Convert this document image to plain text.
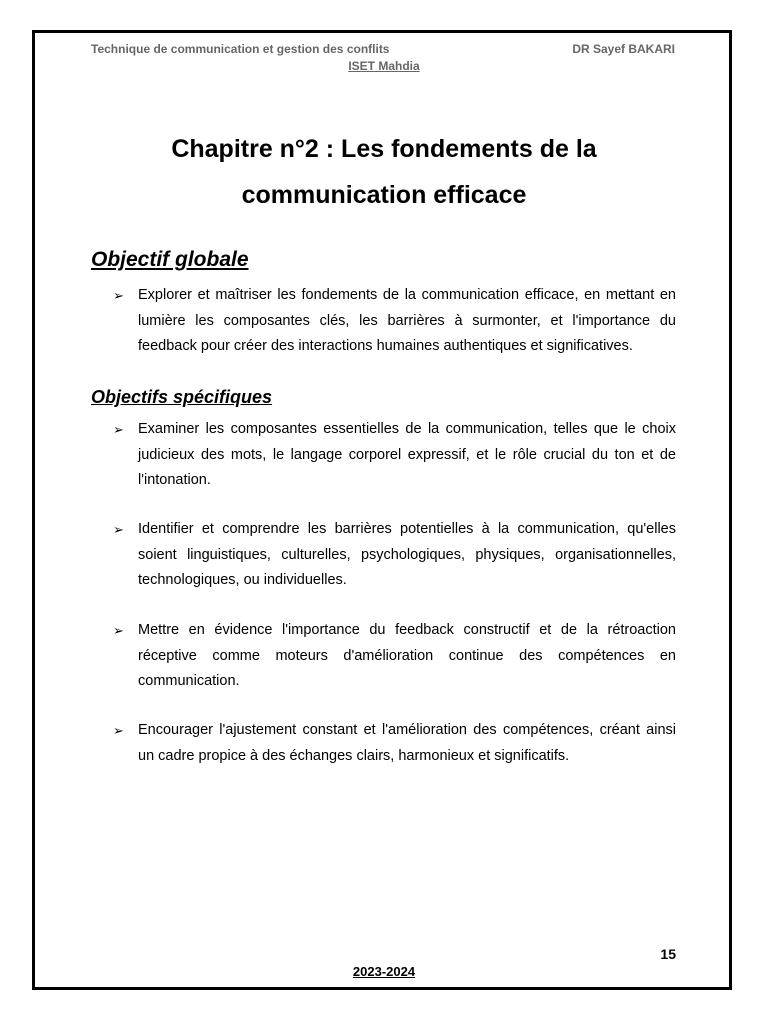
Technique de communication et gestion des conflits	DR Sayef BAKARI
ISET Mahdia
Chapitre n°2 : Les fondements de la
communication efficace
Objectif globale
➢ Explorer et maîtriser les fondements de la communication efficace, en mettant en lumière les composantes clés, les barrières à surmonter, et l'importance du feedback pour créer des interactions humaines authentiques et significatives.
Objectifs spécifiques
➢ Examiner les composantes essentielles de la communication, telles que le choix judicieux des mots, le langage corporel expressif, et le rôle crucial du ton et de l'intonation.
➢ Identifier et comprendre les barrières potentielles à la communication, qu'elles soient linguistiques, culturelles, psychologiques, physiques, organisationnelles, technologiques, ou individuelles.
➢ Mettre en évidence l'importance du feedback constructif et de la rétroaction réceptive comme moteurs d'amélioration continue des compétences en communication.
➢ Encourager l'ajustement constant et l'amélioration des compétences, créant ainsi un cadre propice à des échanges clairs, harmonieux et significatifs.
15
2023-2024
